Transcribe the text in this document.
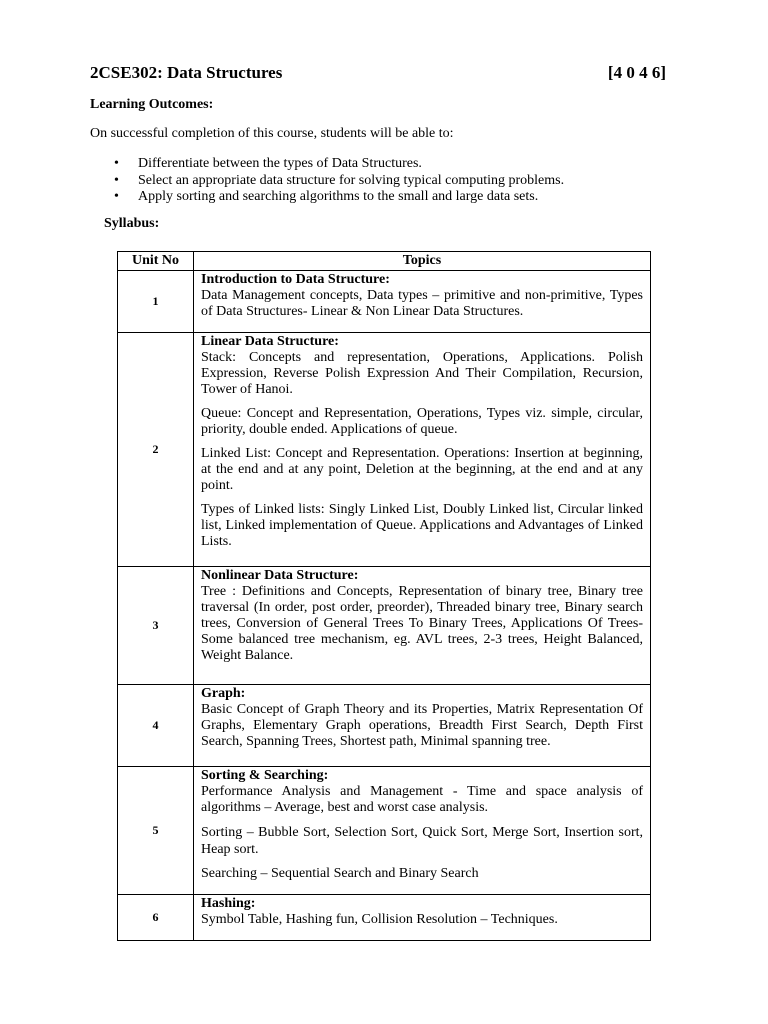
2CSE302: Data Structures	[4 0 4 6]
Learning Outcomes:
On successful completion of this course, students will be able to:
• Differentiate between the types of Data Structures.
• Select an appropriate data structure for solving typical computing problems.
• Apply sorting and searching algorithms to the small and large data sets.
Syllabus:
Unit No	Topics
1	Introduction to Data Structure:
Data Management concepts, Data types – primitive and non-primitive, Types of Data Structures- Linear & Non Linear Data Structures.

2	Linear Data Structure:
Stack: Concepts and representation, Operations, Applications. Polish Expression, Reverse Polish Expression And Their Compilation, Recursion, Tower of Hanoi.
Queue: Concept and Representation, Operations, Types viz. simple, circular, priority, double ended. Applications of queue.
Linked List: Concept and Representation. Operations: Insertion at beginning, at the end and at any point, Deletion at the beginning, at the end and at any point.
Types of Linked lists: Singly Linked List, Doubly Linked list, Circular linked list, Linked implementation of Queue. Applications and Advantages of Linked Lists.

3	Nonlinear Data Structure:
Tree : Definitions and Concepts, Representation of binary tree, Binary tree traversal (In order, post order, preorder), Threaded binary tree, Binary search trees, Conversion of General Trees To Binary Trees, Applications Of Trees- Some balanced tree mechanism, eg. AVL trees, 2-3 trees, Height Balanced, Weight Balance.

4	Graph:
Basic Concept of Graph Theory and its Properties, Matrix Representation Of Graphs, Elementary Graph operations, Breadth First Search, Depth First Search, Spanning Trees, Shortest path, Minimal spanning tree.

5	Sorting & Searching:
Performance Analysis and Management - Time and space analysis of algorithms – Average, best and worst case analysis.
Sorting – Bubble Sort, Selection Sort, Quick Sort, Merge Sort, Insertion sort, Heap sort.
Searching – Sequential Search and Binary Search

6	Hashing:
Symbol Table, Hashing fun, Collision Resolution – Techniques.
